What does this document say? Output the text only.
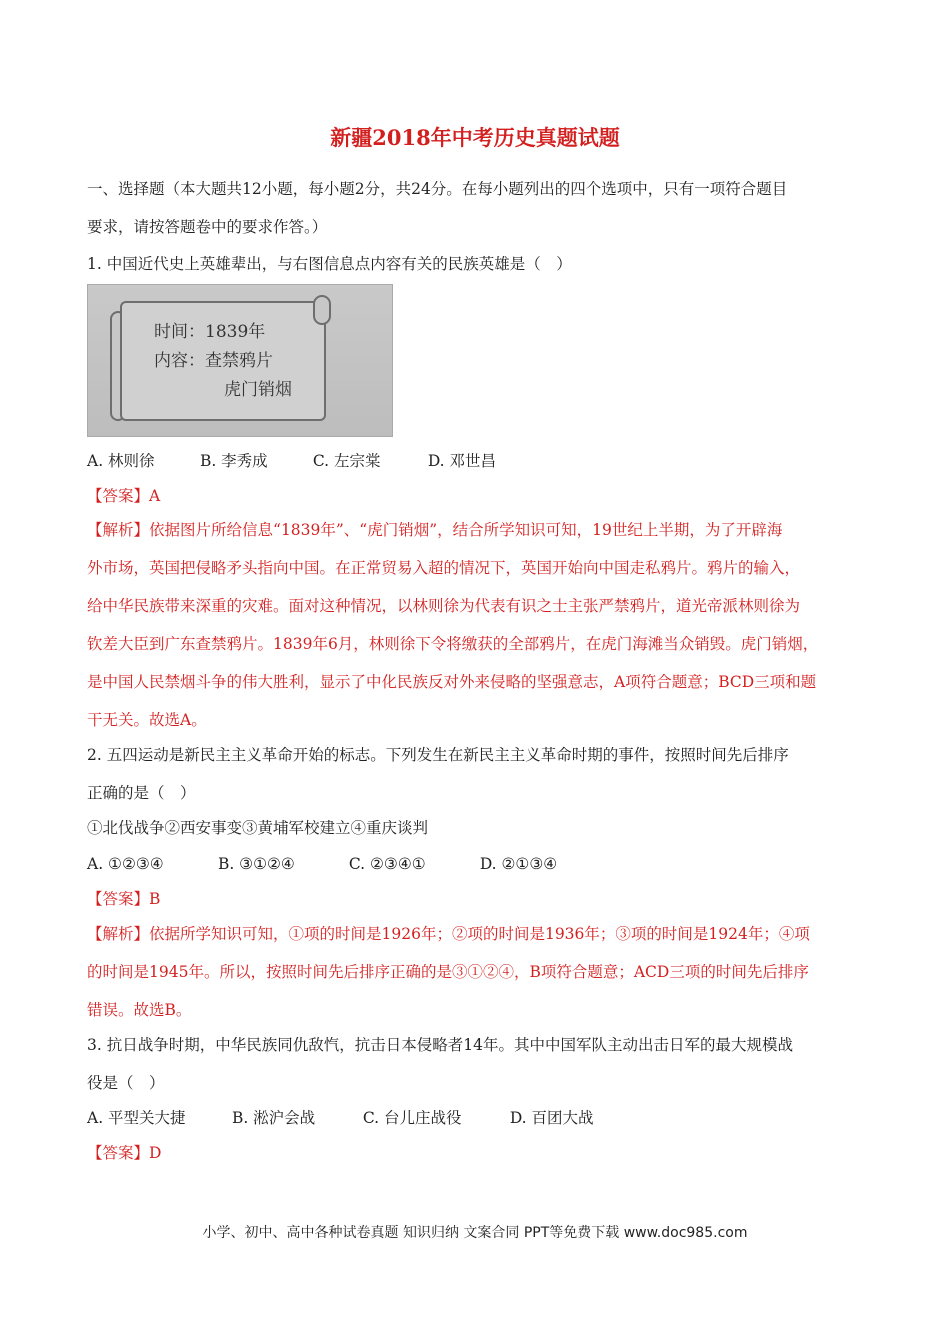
新疆2018年中考历史真题试题
一、选择题（本大题共12小题，每小题2分，共24分。在每小题列出的四个选项中，只有一项符合题目
要求，请按答题卷中的要求作答。）
1. 中国近代史上英雄辈出，与右图信息点内容有关的民族英雄是（　）
时间：1839年
内容：查禁鸦片
虎门销烟
A. 林则徐	B. 李秀成	C. 左宗棠	D. 邓世昌
【答案】A
【解析】依据图片所给信息“1839年”、“虎门销烟”，结合所学知识可知，19世纪上半期，为了开辟海
外市场，英国把侵略矛头指向中国。在正常贸易入超的情况下，英国开始向中国走私鸦片。鸦片的输入，
给中华民族带来深重的灾难。面对这种情况，以林则徐为代表有识之士主张严禁鸦片，道光帝派林则徐为
钦差大臣到广东查禁鸦片。1839年6月，林则徐下令将缴获的全部鸦片，在虎门海滩当众销毁。虎门销烟，
是中国人民禁烟斗争的伟大胜利，显示了中化民族反对外来侵略的坚强意志，A项符合题意；BCD三项和题
干无关。故选A。
2. 五四运动是新民主主义革命开始的标志。下列发生在新民主主义革命时期的事件，按照时间先后排序
正确的是（　）
①北伐战争②西安事变③黄埔军校建立④重庆谈判
A. ①②③④	B. ③①②④	C. ②③④①	D. ②①③④
【答案】B
【解析】依据所学知识可知，①项的时间是1926年；②项的时间是1936年；③项的时间是1924年；④项
的时间是1945年。所以，按照时间先后排序正确的是③①②④，B项符合题意；ACD三项的时间先后排序
错误。故选B。
3. 抗日战争时期，中华民族同仇敌忾，抗击日本侵略者14年。其中中国军队主动出击日军的最大规模战
役是（　）
A. 平型关大捷	B. 淞沪会战	C. 台儿庄战役	D. 百团大战
【答案】D
小学、初中、高中各种试卷真题 知识归纳 文案合同 PPT等免费下载 www.doc985.com
